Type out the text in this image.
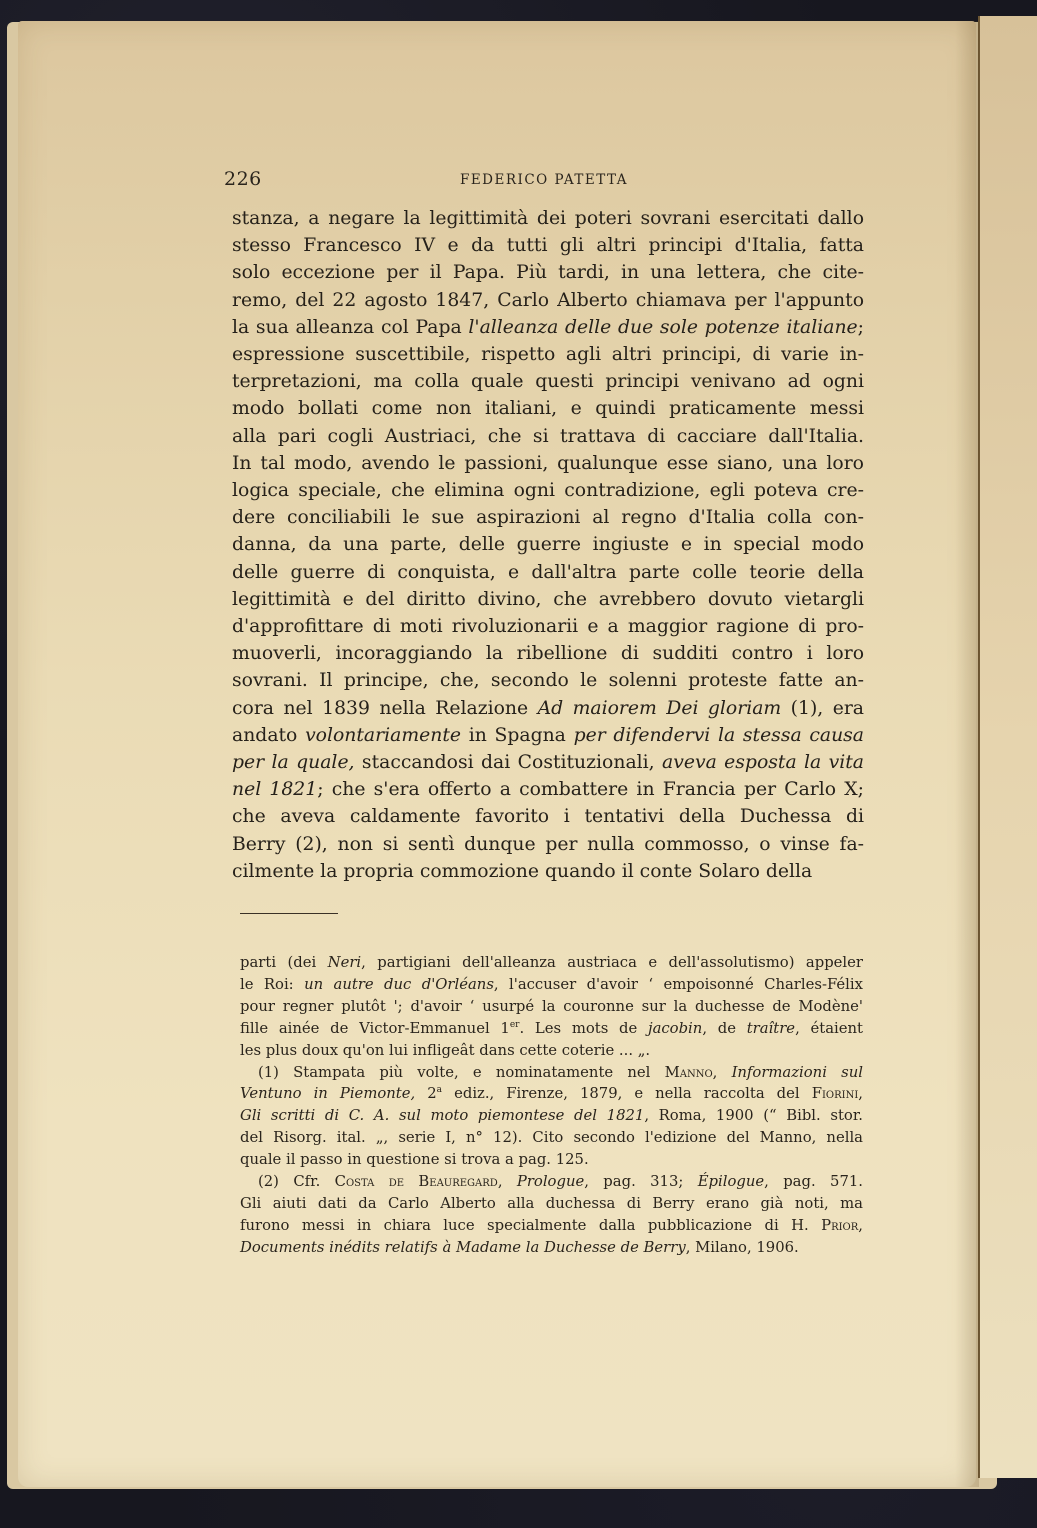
226	FEDERICO PATETTA
stanza, a negare la legittimità dei poteri sovrani esercitati dallo
stesso Francesco IV e da tutti gli altri principi d'Italia, fatta
solo eccezione per il Papa. Più tardi, in una lettera, che cite-
remo, del 22 agosto 1847, Carlo Alberto chiamava per l'appunto
la sua alleanza col Papa l'alleanza delle due sole potenze italiane;
espressione suscettibile, rispetto agli altri principi, di varie in-
terpretazioni, ma colla quale questi principi venivano ad ogni
modo bollati come non italiani, e quindi praticamente messi
alla pari cogli Austriaci, che si trattava di cacciare dall'Italia.
In tal modo, avendo le passioni, qualunque esse siano, una loro
logica speciale, che elimina ogni contradizione, egli poteva cre-
dere conciliabili le sue aspirazioni al regno d'Italia colla con-
danna, da una parte, delle guerre ingiuste e in special modo
delle guerre di conquista, e dall'altra parte colle teorie della
legittimità e del diritto divino, che avrebbero dovuto vietargli
d'approfittare di moti rivoluzionarii e a maggior ragione di pro-
muoverli, incoraggiando la ribellione di sudditi contro i loro
sovrani. Il principe, che, secondo le solenni proteste fatte an-
cora nel 1839 nella Relazione Ad maiorem Dei gloriam (1), era
andato volontariamente in Spagna per difendervi la stessa causa
per la quale, staccandosi dai Costituzionali, aveva esposta la vita
nel 1821; che s'era offerto a combattere in Francia per Carlo X;
che aveva caldamente favorito i tentativi della Duchessa di
Berry (2), non si sentì dunque per nulla commosso, o vinse fa-
cilmente la propria commozione quando il conte Solaro della
parti (dei Neri, partigiani dell'alleanza austriaca e dell'assolutismo) appeler
le Roi: un autre duc d'Orléans, l'accuser d'avoir ‘ empoisonné Charles-Félix
pour regner plutôt '; d'avoir ‘ usurpé la couronne sur la duchesse de Modène'
fille ainée de Victor-Emmanuel 1er. Les mots de jacobin, de traître, étaient
les plus doux qu'on lui infligeât dans cette coterie ... „.
(1) Stampata più volte, e nominatamente nel Manno, Informazioni sul
Ventuno in Piemonte, 2$^a$ ediz., Firenze, 1879, e nella raccolta del Fiorini,
Gli scritti di C. A. sul moto piemontese del 1821, Roma, 1900 (“ Bibl. stor.
del Risorg. ital. „, serie I, n° 12). Cito secondo l'edizione del Manno, nella
quale il passo in questione si trova a pag. 125.
(2) Cfr. Costa de Beauregard, Prologue, pag. 313; Épilogue, pag. 571.
Gli aiuti dati da Carlo Alberto alla duchessa di Berry erano già noti, ma
furono messi in chiara luce specialmente dalla pubblicazione di H. Prior,
Documents inédits relatifs à Madame la Duchesse de Berry, Milano, 1906.
